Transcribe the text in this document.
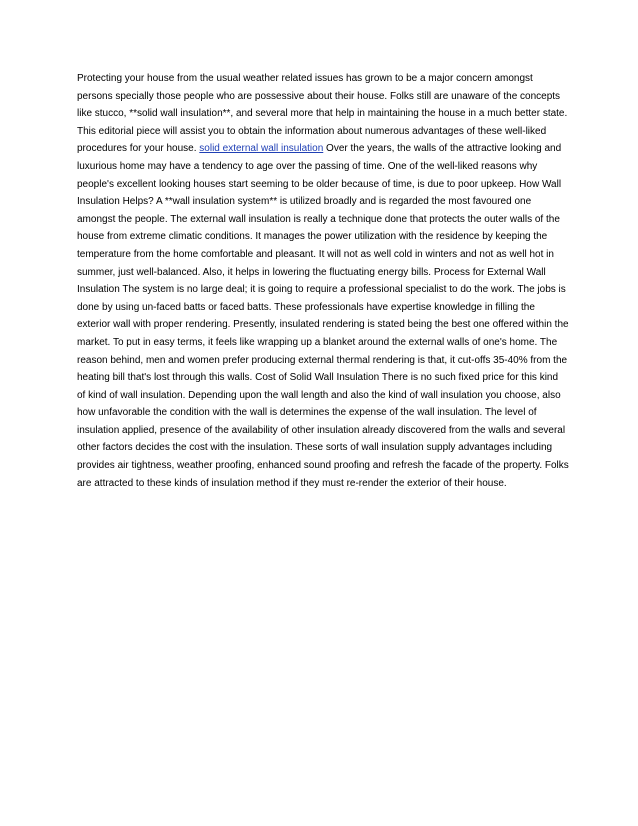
Protecting your house from the usual weather related issues has grown to be a major concern amongst persons specially those people who are possessive about their house. Folks still are unaware of the concepts like stucco, **solid wall insulation**, and several more that help in maintaining the house in a much better state. This editorial piece will assist you to obtain the information about numerous advantages of these well-liked procedures for your house. solid external wall insulation Over the years, the walls of the attractive looking and luxurious home may have a tendency to age over the passing of time. One of the well-liked reasons why people's excellent looking houses start seeming to be older because of time, is due to poor upkeep. How Wall Insulation Helps? A **wall insulation system** is utilized broadly and is regarded the most favoured one amongst the people. The external wall insulation is really a technique done that protects the outer walls of the house from extreme climatic conditions. It manages the power utilization with the residence by keeping the temperature from the home comfortable and pleasant. It will not as well cold in winters and not as well hot in summer, just well-balanced. Also, it helps in lowering the fluctuating energy bills. Process for External Wall Insulation The system is no large deal; it is going to require a professional specialist to do the work. The jobs is done by using un-faced batts or faced batts. These professionals have expertise knowledge in filling the exterior wall with proper rendering. Presently, insulated rendering is stated being the best one offered within the market. To put in easy terms, it feels like wrapping up a blanket around the external walls of one's home. The reason behind, men and women prefer producing external thermal rendering is that, it cut-offs 35-40% from the heating bill that's lost through this walls. Cost of Solid Wall Insulation There is no such fixed price for this kind of kind of wall insulation. Depending upon the wall length and also the kind of wall insulation you choose, also how unfavorable the condition with the wall is determines the expense of the wall insulation. The level of insulation applied, presence of the availability of other insulation already discovered from the walls and several other factors decides the cost with the insulation. These sorts of wall insulation supply advantages including provides air tightness, weather proofing, enhanced sound proofing and refresh the facade of the property. Folks are attracted to these kinds of insulation method if they must re-render the exterior of their house.
